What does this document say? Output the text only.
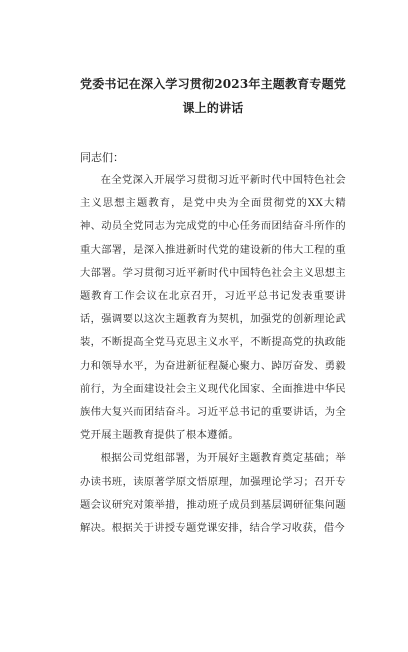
党委书记在深入学习贯彻2023年主题教育专题党课上的讲话
同志们：

在全党深入开展学习贯彻习近平新时代中国特色社会主义思想主题教育，是党中央为全面贯彻党的XX大精神、动员全党同志为完成党的中心任务而团结奋斗所作的重大部署，是深入推进新时代党的建设新的伟大工程的重大部署。学习贯彻习近平新时代中国特色社会主义思想主题教育工作会议在北京召开，习近平总书记发表重要讲话，强调要以这次主题教育为契机，加强党的创新理论武装，不断提高全党马克思主义水平，不断提高党的执政能力和领导水平，为奋进新征程凝心聚力、踔厉奋发、勇毅前行，为全面建设社会主义现代化国家、全面推进中华民族伟大复兴而团结奋斗。习近平总书记的重要讲话，为全党开展主题教育提供了根本遵循。

根据公司党组部署，为开展好主题教育奠定基础；举办读书班，读原著学原文悟原理，加强理论学习；召开专题会议研究对策举措，推动班子成员到基层调研征集问题解决。根据关于讲授专题党课安排，结合学习收获，借今
